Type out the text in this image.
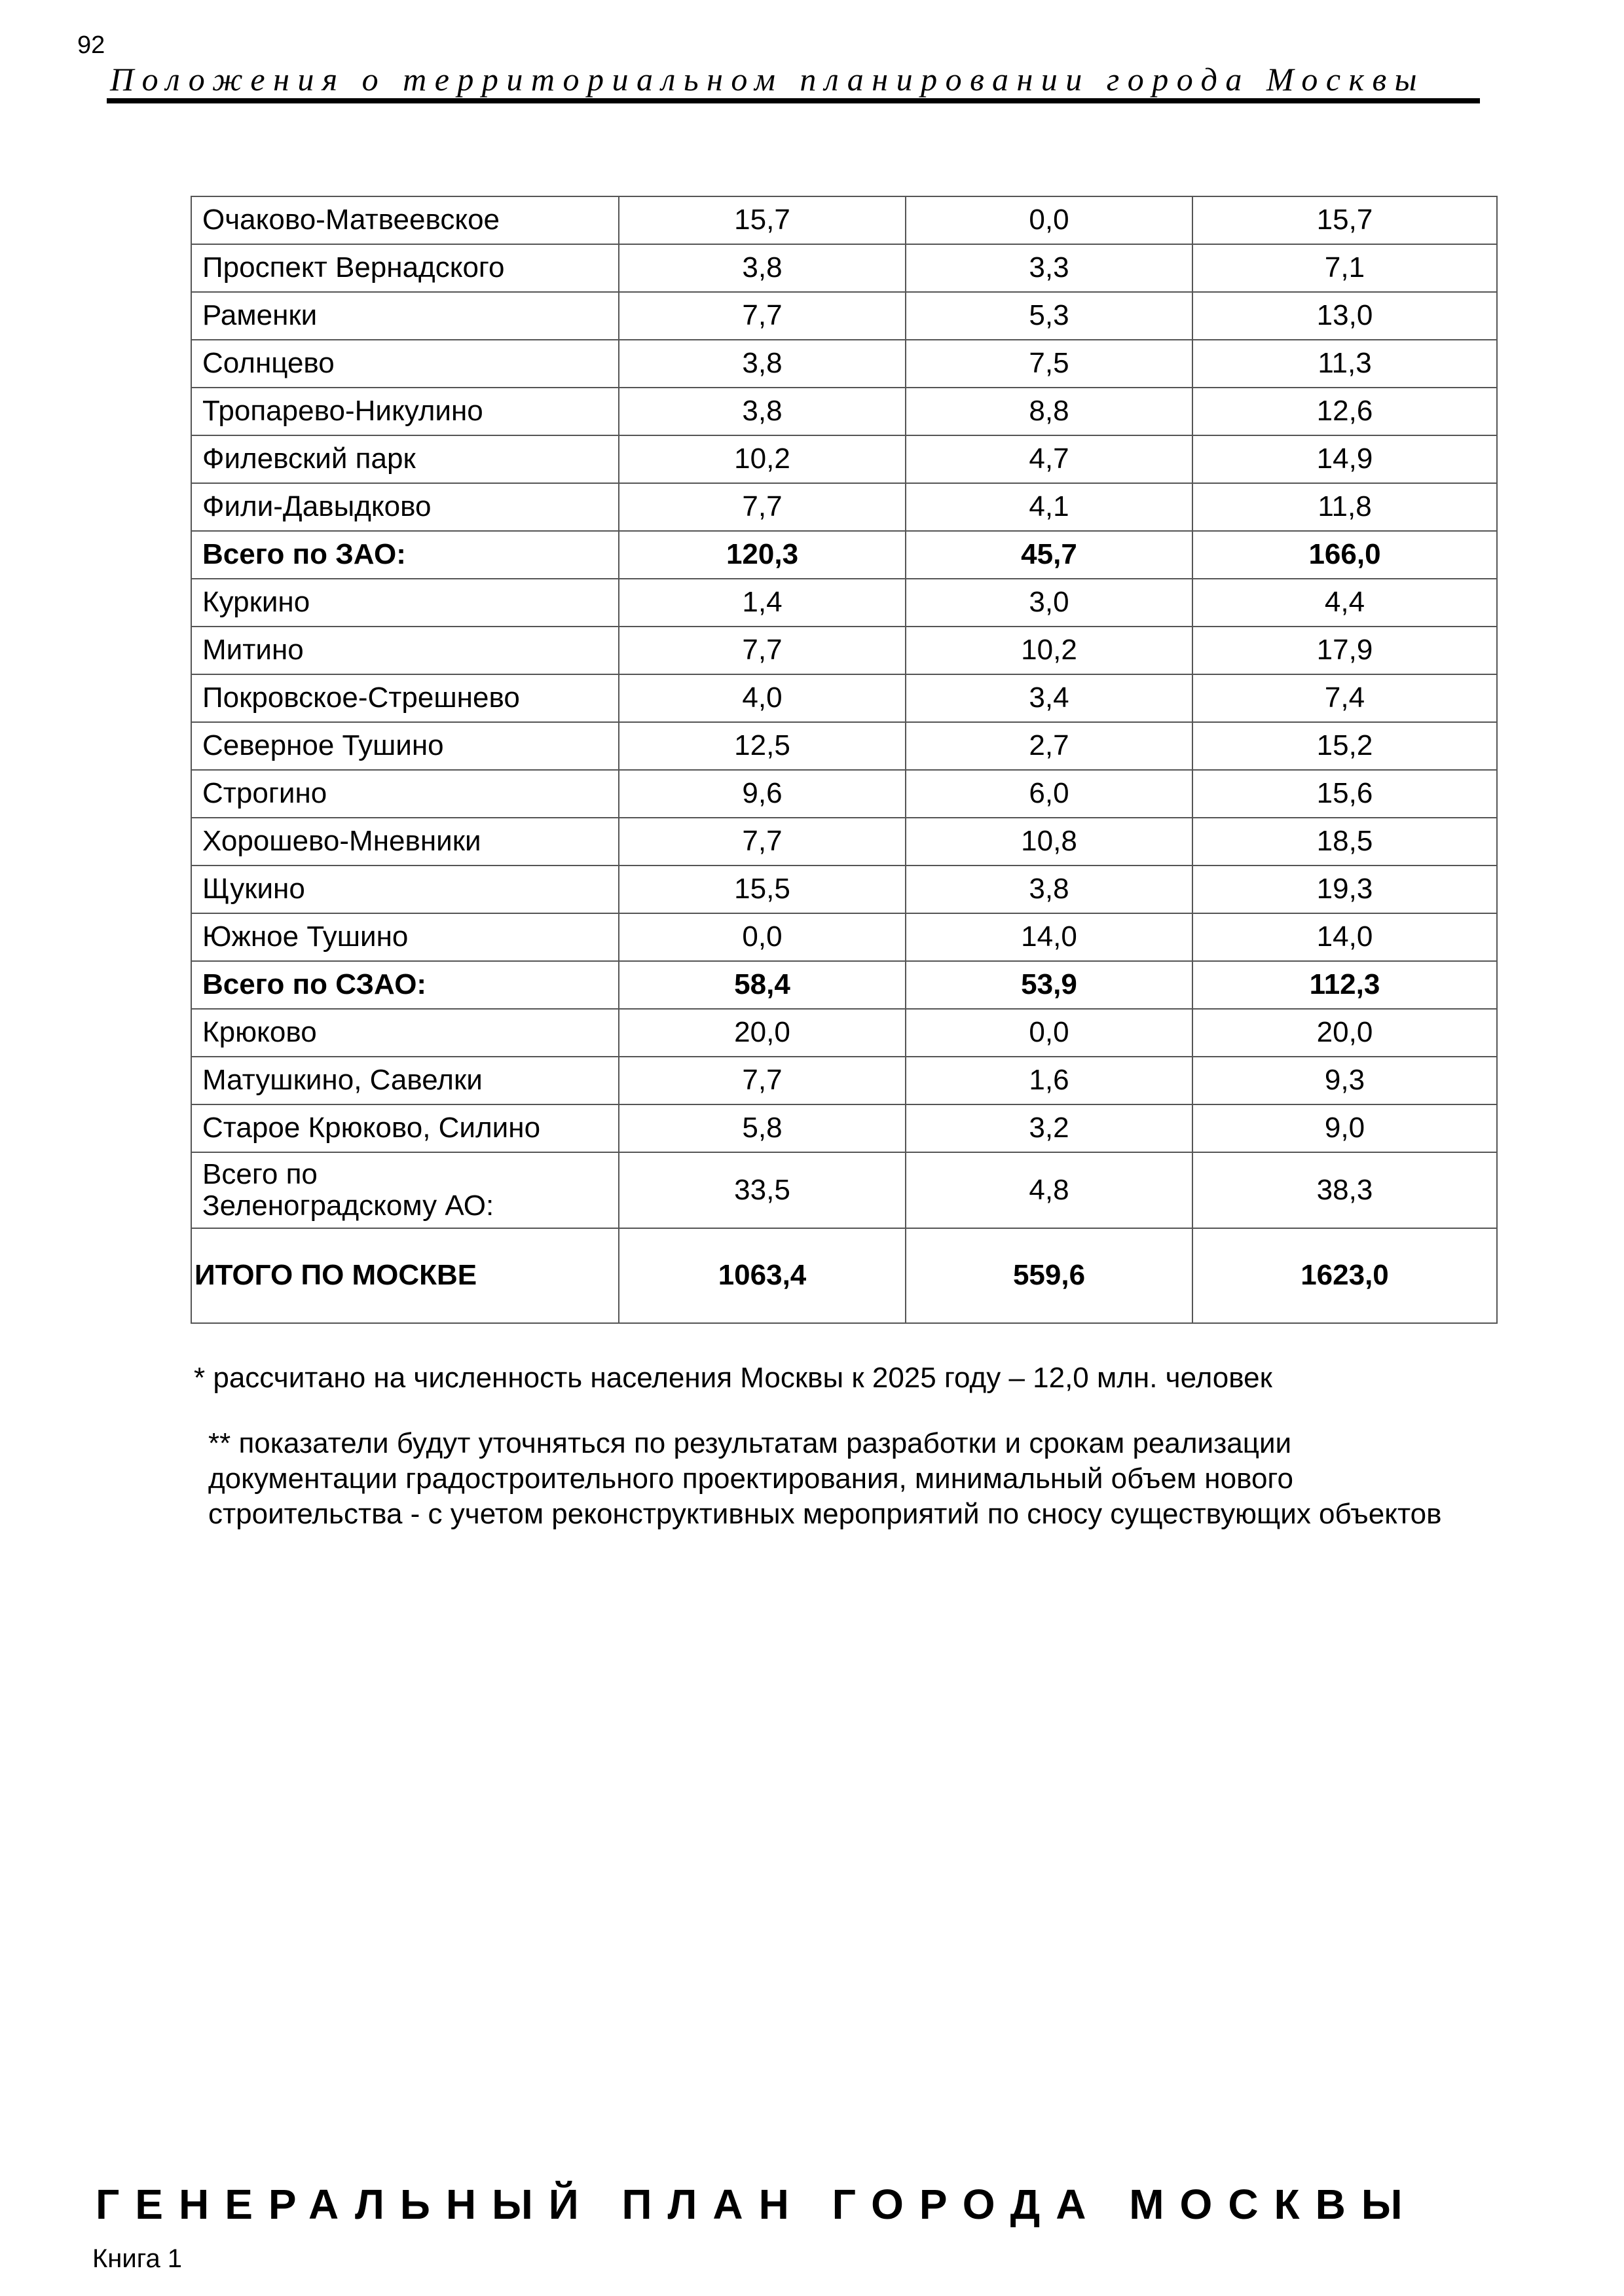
92
Положения о территориальном планировании города Москвы
Очаково-Матвеевское	15,7	0,0	15,7
Проспект Вернадского	3,8	3,3	7,1
Раменки	7,7	5,3	13,0
Солнцево	3,8	7,5	11,3
Тропарево-Никулино	3,8	8,8	12,6
Филевский парк	10,2	4,7	14,9
Фили-Давыдково	7,7	4,1	11,8
Всего по ЗАО:	120,3	45,7	166,0
Куркино	1,4	3,0	4,4
Митино	7,7	10,2	17,9
Покровское-Стрешнево	4,0	3,4	7,4
Северное Тушино	12,5	2,7	15,2
Строгино	9,6	6,0	15,6
Хорошево-Мневники	7,7	10,8	18,5
Щукино	15,5	3,8	19,3
Южное Тушино	0,0	14,0	14,0
Всего по СЗАО:	58,4	53,9	112,3
Крюково	20,0	0,0	20,0
Матушкино, Савелки	7,7	1,6	9,3
Старое Крюково, Силино	5,8	3,2	9,0
Всего по
Зеленоградскому АО:	33,5	4,8	38,3
ИТОГО ПО МОСКВЕ	1063,4	559,6	1623,0
* рассчитано на численность населения Москвы к 2025 году – 12,0 млн. человек
** показатели будут уточняться по результатам разработки и срокам реализации документации градостроительного проектирования, минимальный объем нового строительства - с учетом реконструктивных мероприятий по сносу существующих объектов
ГЕНЕРАЛЬНЫЙ ПЛАН ГОРОДА МОСКВЫ
Книга 1
